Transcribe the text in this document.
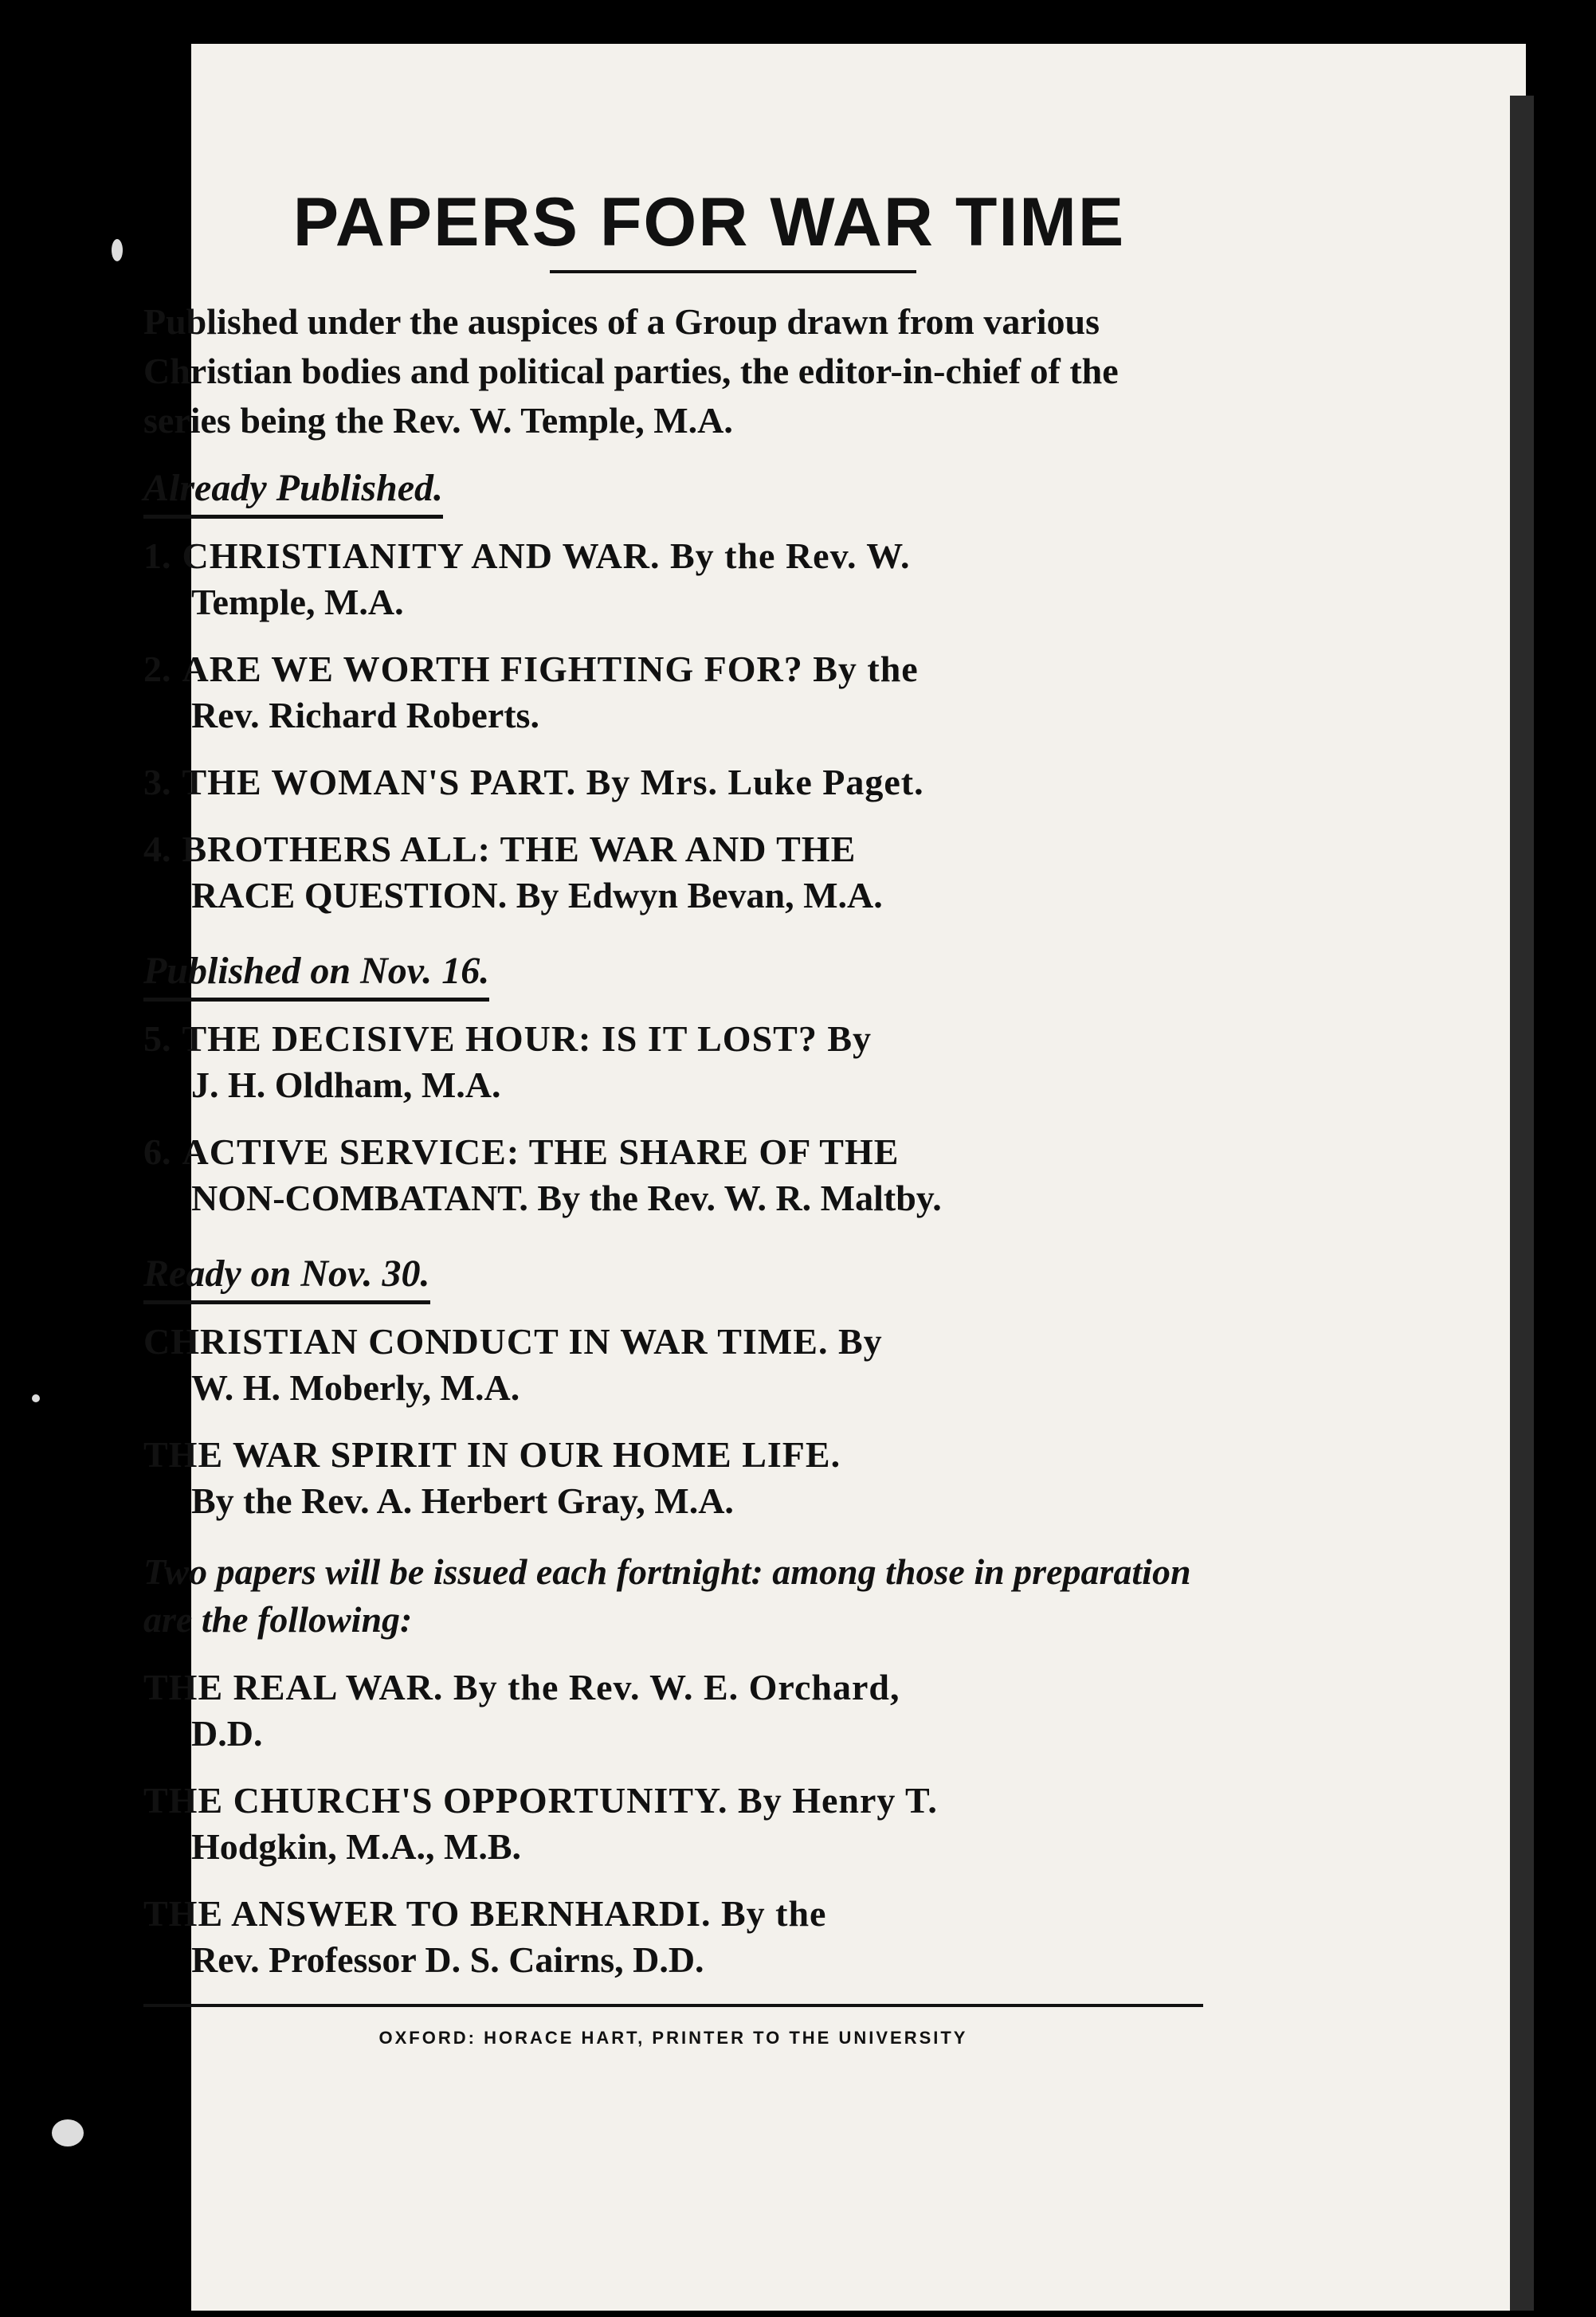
PAPERS FOR WAR TIME

Published under the auspices of a Group drawn from various Christian bodies and political parties, the editor-in-chief of the series being the Rev. W. Temple, M.A.

Already Published.
1. CHRISTIANITY AND WAR. By the Rev. W.
Temple, M.A.
2. ARE WE WORTH FIGHTING FOR? By the
Rev. Richard Roberts.
3. THE WOMAN'S PART. By Mrs. Luke Paget.
4. BROTHERS ALL: THE WAR AND THE
RACE QUESTION. By Edwyn Bevan, M.A.
Published on Nov. 16.
5. THE DECISIVE HOUR: IS IT LOST? By
J. H. Oldham, M.A.
6. ACTIVE SERVICE: THE SHARE OF THE
NON-COMBATANT. By the Rev. W. R. Maltby.
Ready on Nov. 30.
CHRISTIAN CONDUCT IN WAR TIME. By
W. H. Moberly, M.A.
THE WAR SPIRIT IN OUR HOME LIFE.
By the Rev. A. Herbert Gray, M.A.

Two papers will be issued each fortnight: among those in preparation are the following:

THE REAL WAR. By the Rev. W. E. Orchard,
D.D.
THE CHURCH'S OPPORTUNITY. By Henry T.
Hodgkin, M.A., M.B.
THE ANSWER TO BERNHARDI. By the
Rev. Professor D. S. Cairns, D.D.
OXFORD: HORACE HART, PRINTER TO THE UNIVERSITY
